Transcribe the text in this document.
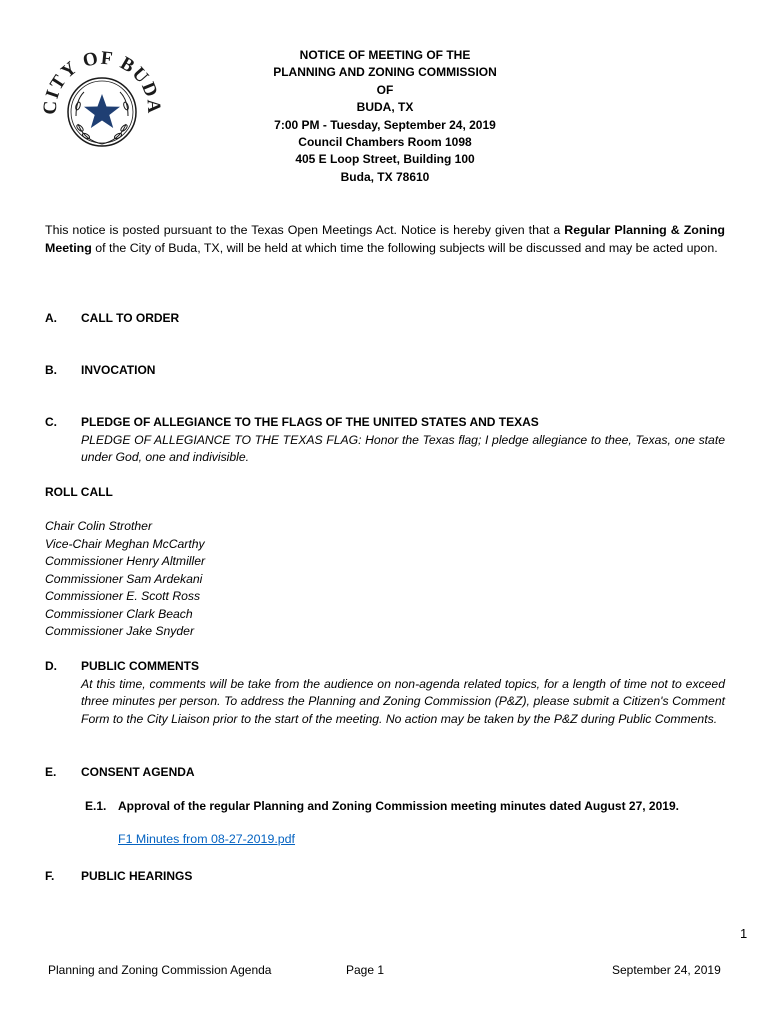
ITY OF BUD
NOTICE OF MEETING OF THE
PLANNING AND ZONING COMMISSION
OF
BUDA, TX
7:00 PM - Tuesday, September 24, 2019
Council Chambers Room 1098
405 E Loop Street, Building 100
Buda, TX 78610
This notice is posted pursuant to the Texas Open Meetings Act. Notice is hereby given that a Regular Planning & Zoning Meeting of the City of Buda, TX, will be held at which time the following subjects will be discussed and may be acted upon.
A. CALL TO ORDER
B. INVOCATION
C. PLEDGE OF ALLEGIANCE TO THE FLAGS OF THE UNITED STATES AND TEXAS
PLEDGE OF ALLEGIANCE TO THE TEXAS FLAG: Honor the Texas flag; I pledge allegiance to thee, Texas, one state under God, one and indivisible.
ROLL CALL
Chair Colin Strother
Vice-Chair Meghan McCarthy
Commissioner Henry Altmiller
Commissioner Sam Ardekani
Commissioner E. Scott Ross
Commissioner Clark Beach
Commissioner Jake Snyder
D. PUBLIC COMMENTS
At this time, comments will be take from the audience on non-agenda related topics, for a length of time not to exceed three minutes per person. To address the Planning and Zoning Commission (P&Z), please submit a Citizen's Comment Form to the City Liaison prior to the start of the meeting. No action may be taken by the P&Z during Public Comments.
E. CONSENT AGENDA
E.1. Approval of the regular Planning and Zoning Commission meeting minutes dated August 27, 2019.
F1 Minutes from 08-27-2019.pdf
F. PUBLIC HEARINGS
1
Planning and Zoning Commission Agenda	Page 1	September 24, 2019
